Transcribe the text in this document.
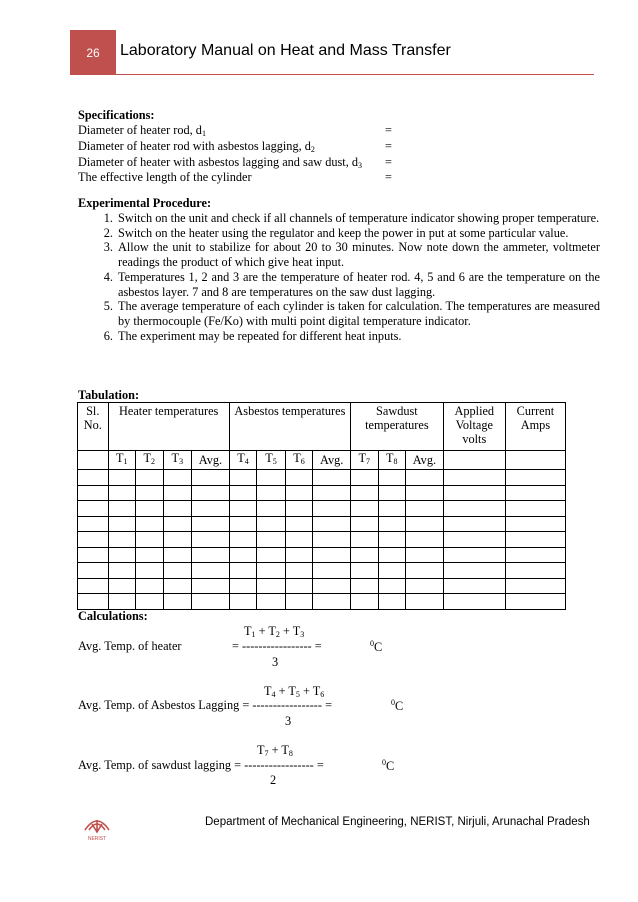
26 Laboratory Manual on Heat and Mass Transfer
Specifications:
Diameter of heater rod, $d_1$	=
Diameter of heater rod with asbestos lagging, $d_2$	=
Diameter of heater with asbestos lagging and saw dust, $d_3$ =
The effective length of the cylinder	=
Experimental Procedure:
1. Switch on the unit and check if all channels of temperature indicator showing proper temperature.
2. Switch on the heater using the regulator and keep the power in put at some particular value.
3. Allow the unit to stabilize for about 20 to 30 minutes. Now note down the ammeter, voltmeter readings the product of which give heat input.
4. Temperatures 1, 2 and 3 are the temperature of heater rod. 4, 5 and 6 are the temperature on the asbestos layer. 7 and 8 are temperatures on the saw dust lagging.
5. The average temperature of each cylinder is taken for calculation. The temperatures are measured by thermocouple (Fe/Ko) with multi point digital temperature indicator.
6. The experiment may be repeated for different heat inputs.
Tabulation:
Sl. No.	Heater temperatures				Asbestos temperatures				Sawdust temperatures			Applied Voltage volts	Current Amps
	$T_1$	$T_2$	$T_3$	Avg.	$T_4$	$T_5$	$T_6$	Avg.	$T_7$	$T_8$	Avg.		

Calculations:
$T_1 + T_2 + T_3$
Avg. Temp. of heater	= ----------------- =	$^0$C
3
$T_4 + T_5 + T_6$
Avg. Temp. of Asbestos Lagging = ----------------- =	$^0$C
3
$T_7 + T_8$
Avg. Temp. of sawdust lagging = ----------------- =	$^0$C
2
NERIST
Department of Mechanical Engineering, NERIST, Nirjuli, Arunachal Pradesh
